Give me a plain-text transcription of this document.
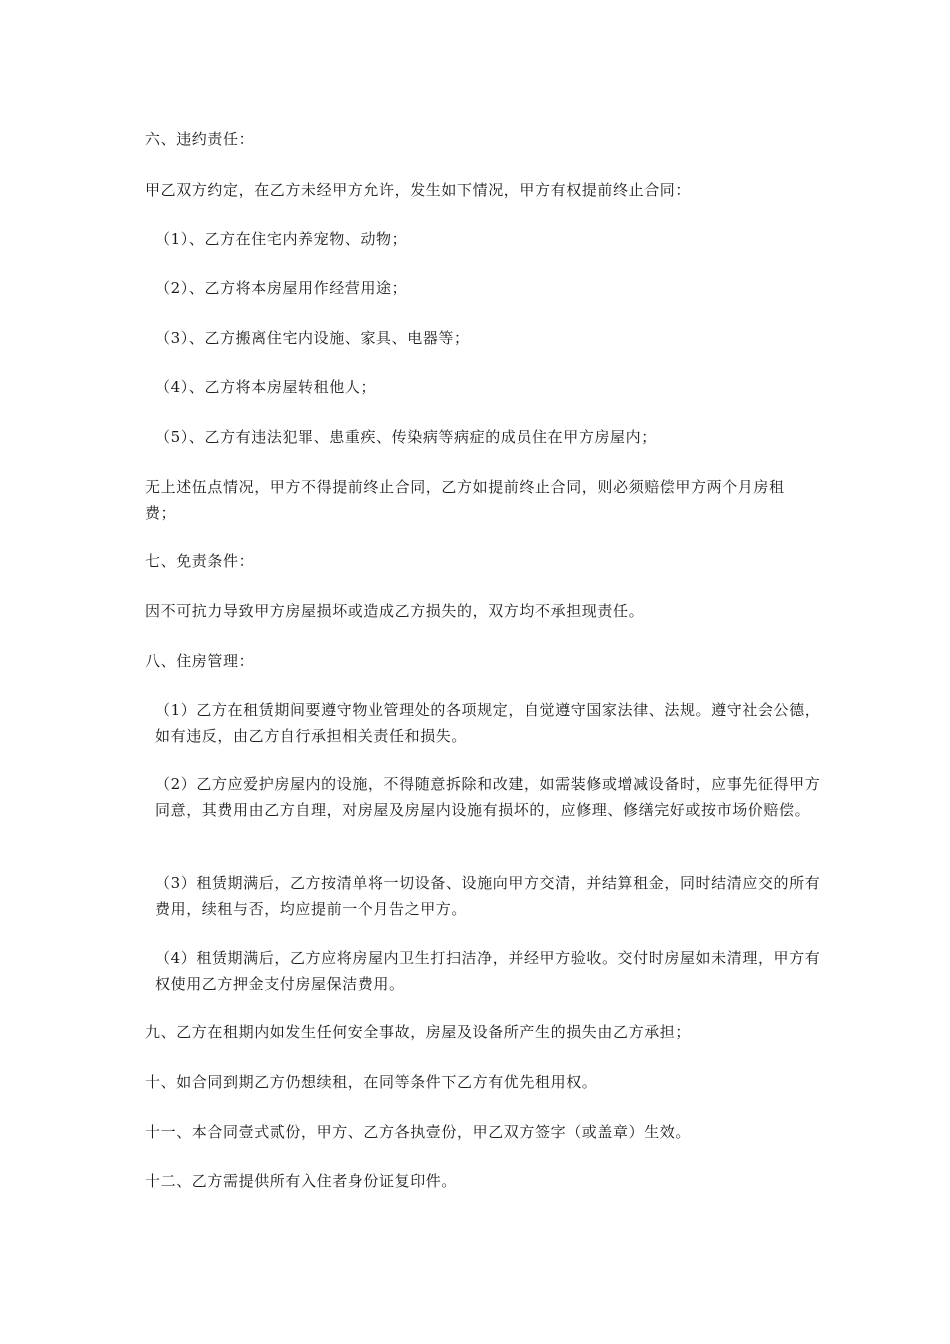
六、违约责任：

甲乙双方约定，在乙方未经甲方允许，发生如下情况，甲方有权提前终止合同：

（1）、乙方在住宅内养宠物、动物；

（2）、乙方将本房屋用作经营用途；

（3）、乙方搬离住宅内设施、家具、电器等；

（4）、乙方将本房屋转租他人；

（5）、乙方有违法犯罪、患重疾、传染病等病症的成员住在甲方房屋内；

无上述伍点情况，甲方不得提前终止合同，乙方如提前终止合同，则必须赔偿甲方两个月房租费；

七、免责条件：

因不可抗力导致甲方房屋损坏或造成乙方损失的，双方均不承担现责任。

八、住房管理：

（1）乙方在租赁期间要遵守物业管理处的各项规定，自觉遵守国家法律、法规。遵守社会公德，如有违反，由乙方自行承担相关责任和损失。

（2）乙方应爱护房屋内的设施，不得随意拆除和改建，如需装修或增减设备时，应事先征得甲方同意，其费用由乙方自理，对房屋及房屋内设施有损坏的，应修理、修缮完好或按市场价赔偿。

（3）租赁期满后，乙方按清单将一切设备、设施向甲方交清，并结算租金，同时结清应交的所有费用，续租与否，均应提前一个月告之甲方。

（4）租赁期满后，乙方应将房屋内卫生打扫洁净，并经甲方验收。交付时房屋如未清理，甲方有权使用乙方押金支付房屋保洁费用。

九、乙方在租期内如发生任何安全事故，房屋及设备所产生的损失由乙方承担；

十、如合同到期乙方仍想续租，在同等条件下乙方有优先租用权。

十一、本合同壹式贰份，甲方、乙方各执壹份，甲乙双方签字（或盖章）生效。

十二、乙方需提供所有入住者身份证复印件。
